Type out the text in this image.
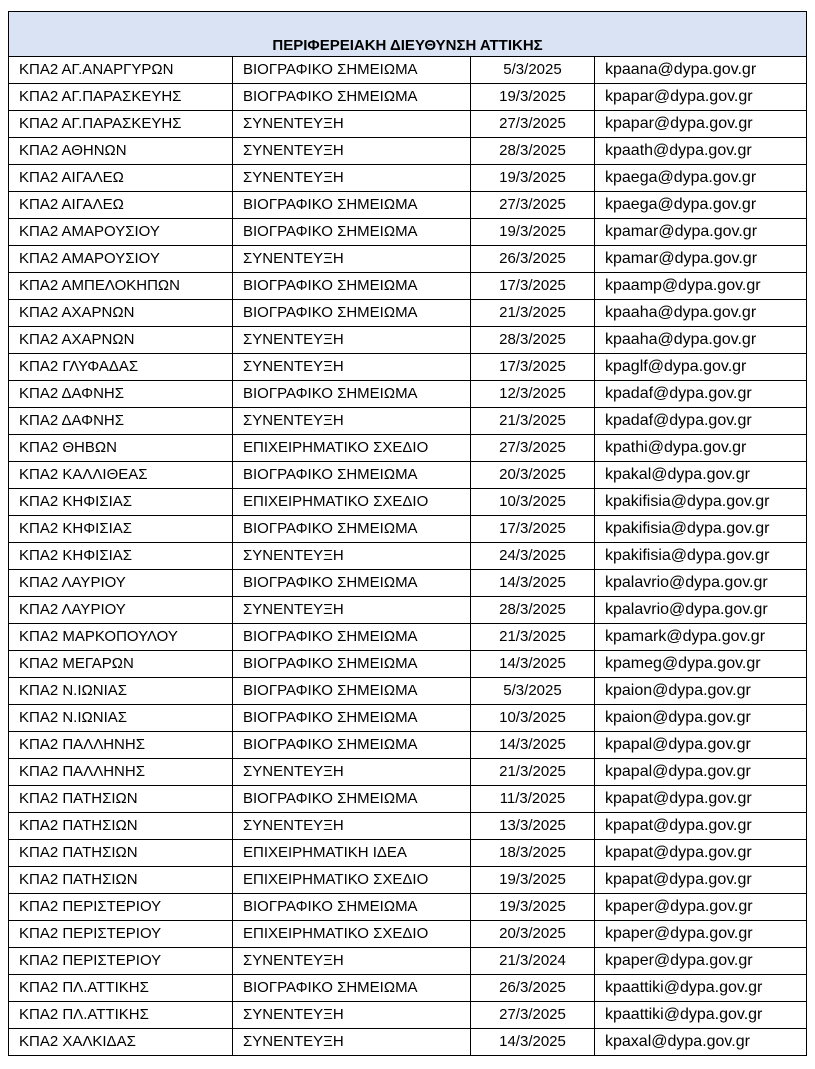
ΠΕΡΙΦΕΡΕΙΑΚΗ ΔΙΕΥΘΥΝΣΗ ΑΤΤΙΚΗΣ			
ΚΠΑ2 ΑΓ.ΑΝΑΡΓΥΡΩΝ	ΒΙΟΓΡΑΦΙΚΟ ΣΗΜΕΙΩΜΑ	5/3/2025	kpaana@dypa.gov.gr
ΚΠΑ2 ΑΓ.ΠΑΡΑΣΚΕΥΗΣ	ΒΙΟΓΡΑΦΙΚΟ ΣΗΜΕΙΩΜΑ	19/3/2025	kpapar@dypa.gov.gr
ΚΠΑ2 ΑΓ.ΠΑΡΑΣΚΕΥΗΣ	ΣΥΝΕΝΤΕΥΞΗ	27/3/2025	kpapar@dypa.gov.gr
ΚΠΑ2 ΑΘΗΝΩΝ	ΣΥΝΕΝΤΕΥΞΗ	28/3/2025	kpaath@dypa.gov.gr
ΚΠΑ2 ΑΙΓΑΛΕΩ	ΣΥΝΕΝΤΕΥΞΗ	19/3/2025	kpaega@dypa.gov.gr
ΚΠΑ2 ΑΙΓΑΛΕΩ	ΒΙΟΓΡΑΦΙΚΟ ΣΗΜΕΙΩΜΑ	27/3/2025	kpaega@dypa.gov.gr
ΚΠΑ2 ΑΜΑΡΟΥΣΙΟΥ	ΒΙΟΓΡΑΦΙΚΟ ΣΗΜΕΙΩΜΑ	19/3/2025	kpamar@dypa.gov.gr
ΚΠΑ2 ΑΜΑΡΟΥΣΙΟΥ	ΣΥΝΕΝΤΕΥΞΗ	26/3/2025	kpamar@dypa.gov.gr
ΚΠΑ2 ΑΜΠΕΛΟΚΗΠΩΝ	ΒΙΟΓΡΑΦΙΚΟ ΣΗΜΕΙΩΜΑ	17/3/2025	kpaamp@dypa.gov.gr
ΚΠΑ2 ΑΧΑΡΝΩΝ	ΒΙΟΓΡΑΦΙΚΟ ΣΗΜΕΙΩΜΑ	21/3/2025	kpaaha@dypa.gov.gr
ΚΠΑ2 ΑΧΑΡΝΩΝ	ΣΥΝΕΝΤΕΥΞΗ	28/3/2025	kpaaha@dypa.gov.gr
ΚΠΑ2 ΓΛΥΦΑΔΑΣ	ΣΥΝΕΝΤΕΥΞΗ	17/3/2025	kpaglf@dypa.gov.gr
ΚΠΑ2 ΔΑΦΝΗΣ	ΒΙΟΓΡΑΦΙΚΟ ΣΗΜΕΙΩΜΑ	12/3/2025	kpadaf@dypa.gov.gr
ΚΠΑ2 ΔΑΦΝΗΣ	ΣΥΝΕΝΤΕΥΞΗ	21/3/2025	kpadaf@dypa.gov.gr
ΚΠΑ2 ΘΗΒΩΝ	ΕΠΙΧΕΙΡΗΜΑΤΙΚΟ ΣΧΕΔΙΟ	27/3/2025	kpathi@dypa.gov.gr
ΚΠΑ2 ΚΑΛΛΙΘΕΑΣ	ΒΙΟΓΡΑΦΙΚΟ ΣΗΜΕΙΩΜΑ	20/3/2025	kpakal@dypa.gov.gr
ΚΠΑ2 ΚΗΦΙΣΙΑΣ	ΕΠΙΧΕΙΡΗΜΑΤΙΚΟ ΣΧΕΔΙΟ	10/3/2025	kpakifisia@dypa.gov.gr
ΚΠΑ2 ΚΗΦΙΣΙΑΣ	ΒΙΟΓΡΑΦΙΚΟ ΣΗΜΕΙΩΜΑ	17/3/2025	kpakifisia@dypa.gov.gr
ΚΠΑ2 ΚΗΦΙΣΙΑΣ	ΣΥΝΕΝΤΕΥΞΗ	24/3/2025	kpakifisia@dypa.gov.gr
ΚΠΑ2 ΛΑΥΡΙΟΥ	ΒΙΟΓΡΑΦΙΚΟ ΣΗΜΕΙΩΜΑ	14/3/2025	kpalavrio@dypa.gov.gr
ΚΠΑ2 ΛΑΥΡΙΟΥ	ΣΥΝΕΝΤΕΥΞΗ	28/3/2025	kpalavrio@dypa.gov.gr
ΚΠΑ2 ΜΑΡΚΟΠΟΥΛΟΥ	ΒΙΟΓΡΑΦΙΚΟ ΣΗΜΕΙΩΜΑ	21/3/2025	kpamark@dypa.gov.gr
ΚΠΑ2 ΜΕΓΑΡΩΝ	ΒΙΟΓΡΑΦΙΚΟ ΣΗΜΕΙΩΜΑ	14/3/2025	kpameg@dypa.gov.gr
ΚΠΑ2 Ν.ΙΩΝΙΑΣ	ΒΙΟΓΡΑΦΙΚΟ ΣΗΜΕΙΩΜΑ	5/3/2025	kpaion@dypa.gov.gr
ΚΠΑ2 Ν.ΙΩΝΙΑΣ	ΒΙΟΓΡΑΦΙΚΟ ΣΗΜΕΙΩΜΑ	10/3/2025	kpaion@dypa.gov.gr
ΚΠΑ2 ΠΑΛΛΗΝΗΣ	ΒΙΟΓΡΑΦΙΚΟ ΣΗΜΕΙΩΜΑ	14/3/2025	kpapal@dypa.gov.gr
ΚΠΑ2 ΠΑΛΛΗΝΗΣ	ΣΥΝΕΝΤΕΥΞΗ	21/3/2025	kpapal@dypa.gov.gr
ΚΠΑ2 ΠΑΤΗΣΙΩΝ	ΒΙΟΓΡΑΦΙΚΟ ΣΗΜΕΙΩΜΑ	11/3/2025	kpapat@dypa.gov.gr
ΚΠΑ2 ΠΑΤΗΣΙΩΝ	ΣΥΝΕΝΤΕΥΞΗ	13/3/2025	kpapat@dypa.gov.gr
ΚΠΑ2 ΠΑΤΗΣΙΩΝ	ΕΠΙΧΕΙΡΗΜΑΤΙΚΗ ΙΔΕΑ	18/3/2025	kpapat@dypa.gov.gr
ΚΠΑ2 ΠΑΤΗΣΙΩΝ	ΕΠΙΧΕΙΡΗΜΑΤΙΚΟ ΣΧΕΔΙΟ	19/3/2025	kpapat@dypa.gov.gr
ΚΠΑ2 ΠΕΡΙΣΤΕΡΙΟΥ	ΒΙΟΓΡΑΦΙΚΟ ΣΗΜΕΙΩΜΑ	19/3/2025	kpaper@dypa.gov.gr
ΚΠΑ2 ΠΕΡΙΣΤΕΡΙΟΥ	ΕΠΙΧΕΙΡΗΜΑΤΙΚΟ ΣΧΕΔΙΟ	20/3/2025	kpaper@dypa.gov.gr
ΚΠΑ2 ΠΕΡΙΣΤΕΡΙΟΥ	ΣΥΝΕΝΤΕΥΞΗ	21/3/2024	kpaper@dypa.gov.gr
ΚΠΑ2 ΠΛ.ΑΤΤΙΚΗΣ	ΒΙΟΓΡΑΦΙΚΟ ΣΗΜΕΙΩΜΑ	26/3/2025	kpaattiki@dypa.gov.gr
ΚΠΑ2 ΠΛ.ΑΤΤΙΚΗΣ	ΣΥΝΕΝΤΕΥΞΗ	27/3/2025	kpaattiki@dypa.gov.gr
ΚΠΑ2 ΧΑΛΚΙΔΑΣ	ΣΥΝΕΝΤΕΥΞΗ	14/3/2025	kpaxal@dypa.gov.gr
